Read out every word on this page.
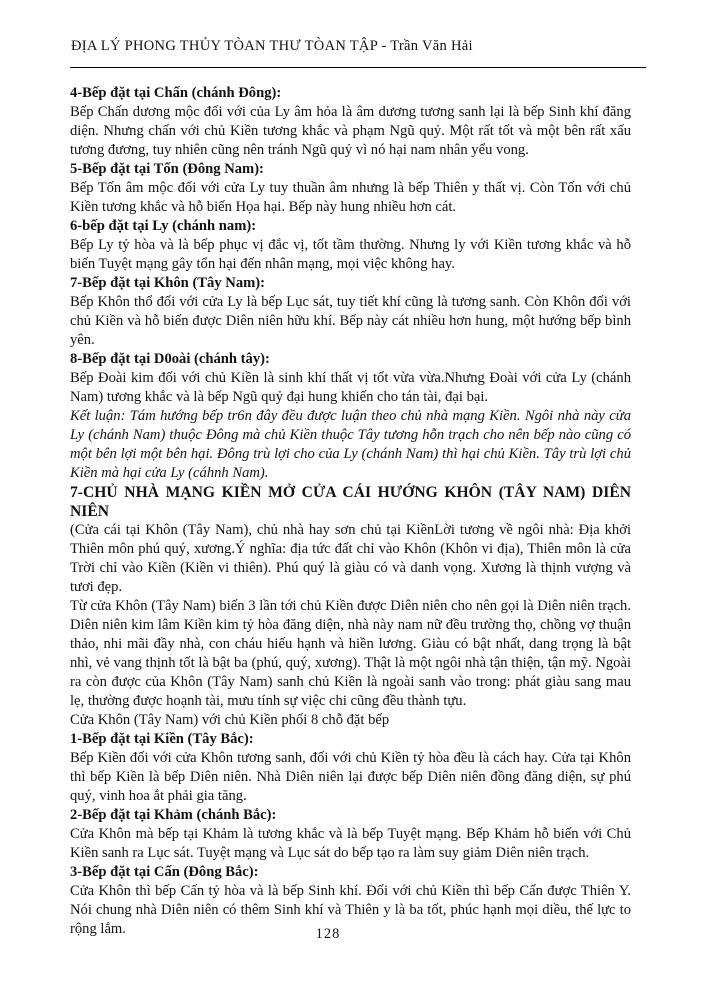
ĐỊA LÝ PHONG THỦY TÒAN THƯ TÒAN TẬP - Trần Văn Hải

4-Bếp đặt tại Chấn (chánh Đông):

Bếp Chấn dương mộc đối với của Ly âm hỏa là âm dương tương sanh lại là bếp Sinh khí đăng diện. Nhưng chấn với chủ Kiền tương khắc và phạm Ngũ quỷ. Một rất tốt và một bên rất xấu tương đương, tuy nhiên cũng nên tránh Ngũ quỷ vì nó hại nam nhân yểu vong.

5-Bếp đặt tại Tốn (Đông Nam):

Bếp Tốn âm mộc đối với cửa Ly tuy thuần âm nhưng là bếp Thiên y thất vị. Còn Tốn với chủ Kiền tương khắc và hỗ biến Họa hại. Bếp này hung nhiều hơn cát.

6-bếp đặt tại Ly (chánh nam):

Bếp Ly tỷ hòa và là bếp phục vị đắc vị, tốt tầm thường. Nhưng ly với Kiền tương khắc và hỗ biến Tuyệt mạng gây tổn hại đến nhân mạng, mọi việc không hay.

7-Bếp đặt tại Khôn (Tây Nam):

Bếp Khôn thổ đối với cửa Ly là bếp Lục sát, tuy tiết khí cũng là tương sanh. Còn Khôn đối với chủ Kiền và hỗ biến được Diên niên hữu khí. Bếp này cát nhiều hơn hung, một hướng bếp bình yên.

8-Bếp đặt tại D0oài (chánh tây):

Bếp Đoài kim đối với chủ Kiền là sinh khí thất vị tốt vừa vừa.Nhưng Đoài với cửa Ly (chánh Nam) tương khắc và là bếp Ngũ quỷ đại hung khiến cho tán tài, đại bại.

Kết luận: Tám hướng bếp tr6n đây đều được luận theo chủ nhà mạng Kiền. Ngôi nhà này cửa Ly (chánh Nam) thuộc Đông mà chủ Kiền thuộc Tây tương hỗn trạch cho nên bếp nào cũng có một bên lợi một bên hại. Đông trù lợi cho của Ly (chánh Nam) thì hại chủ Kiền. Tây trù lợi chủ Kiền mà hại cửa Ly (cáhnh Nam).

7-CHỦ NHÀ MẠNG KIỀN MỞ CỬA CÁI HƯỚNG KHÔN (TÂY NAM) DIÊN NIÊN

(Cửa cái tại Khôn (Tây Nam), chủ nhà hay sơn chủ tại KiềnLời tương về ngôi nhà: Địa khởi Thiên môn phú quý, xương.Ý nghĩa: địa tức đất chỉ vào Khôn (Khôn vi địa), Thiên môn là cửa Trời chỉ vào Kiền (Kiền vi thiên). Phú quý là giàu có và danh vọng. Xương là thịnh vượng và tươi đẹp.

Từ cửa Khôn (Tây Nam) biến 3 lần tới chủ Kiền được Diên niên cho nên gọi là Diên niên trạch. Diên niên kim lâm Kiền kim tỷ hòa đăng diện, nhà này nam nữ đều trường thọ, chồng vợ thuận thảo, nhi mãi đầy nhà, con cháu hiếu hạnh và hiền lương. Giàu có bật nhất, dang trọng là bật nhì, vẻ vang thịnh tốt là bật ba (phú, quý, xương). Thật là một ngôi nhà tận thiện, tận mỹ. Ngoài ra còn được của Khôn (Tây Nam) sanh chủ Kiền là ngoài sanh vào trong: phát giàu sang mau lẹ, thường được hoạnh tài, mưu tính sự việc chi cũng đều thành tựu.

Cửa Khôn (Tây Nam) với chủ Kiền phối 8 chỗ đặt bếp

1-Bếp đặt tại Kiền (Tây Bắc):

Bếp Kiền đối với cửa Khôn tương sanh, đối với chủ Kiền tỷ hòa đều là cách hay. Cửa tại Khôn thì bếp Kiền là bếp Diên niên. Nhà Diên niên lại được bếp Diên niên đồng đăng diện, sự phú quý, vinh hoa ắt phải gia tăng.

2-Bếp đặt tại Khảm (chánh Bắc):

Cửa Khôn mà bếp tại Khảm là tương khắc và là bếp Tuyệt mạng. Bếp Khảm hỗ biến với Chủ Kiền sanh ra Lục sát. Tuyệt mạng và Lục sát do bếp tạo ra làm suy giảm Diên niên trạch.

3-Bếp đặt tại Cấn (Đông Bắc):

Cửa Khôn thì bếp Cấn tỷ hòa và là bếp Sinh khí. Đối với chủ Kiền thì bếp Cấn được Thiên Y. Nói chung nhà Diên niên có thêm Sinh khí và Thiên y là ba tốt, phúc hạnh mọi diều, thế lực to rộng lắm.	128
